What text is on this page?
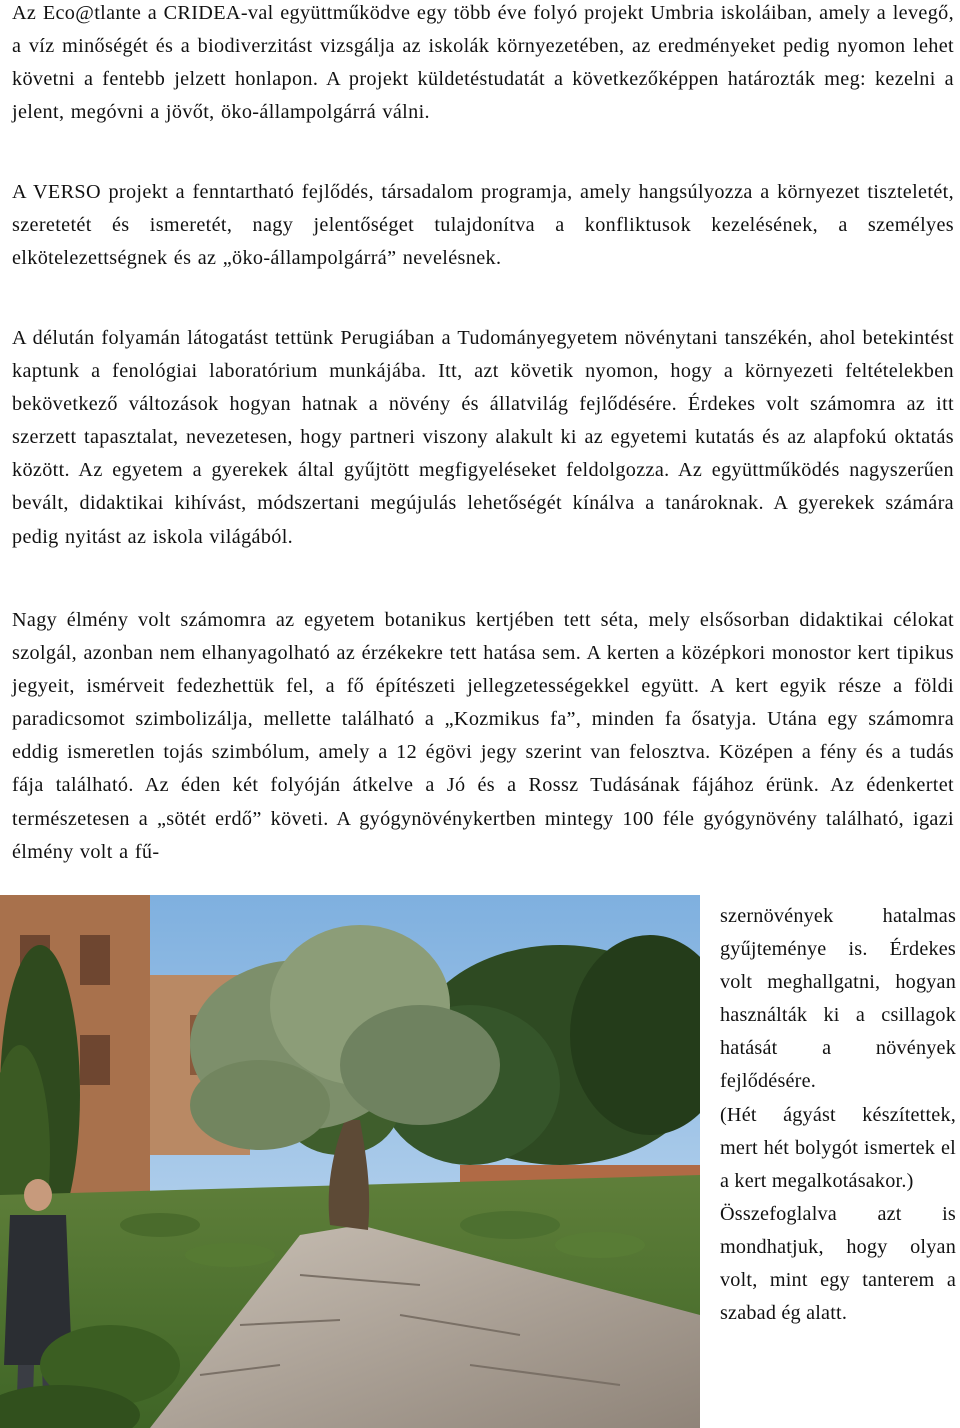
Az Eco@tlante a CRIDEA-val együttműködve egy több éve folyó projekt Umbria iskoláiban, amely a levegő, a víz minőségét és a biodiverzitást vizsgálja az iskolák környezetében, az eredményeket pedig nyomon lehet követni a fentebb jelzett honlapon. A projekt küldetéstudatát a következőképpen határozták meg: kezelni a jelent, megóvni a jövőt, öko-állampolgárrá válni.

A VERSO projekt a fenntartható fejlődés, társadalom programja, amely hangsúlyozza a környezet tiszteletét, szeretetét és ismeretét, nagy jelentőséget tulajdonítva a konfliktusok kezelésének, a személyes elkötelezettségnek és az „öko-állampolgárrá” nevelésnek.

A délután folyamán látogatást tettünk Perugiában a Tudományegyetem növénytani tanszékén, ahol betekintést kaptunk a fenológiai laboratórium munkájába. Itt, azt követik nyomon, hogy a környezeti feltételekben bekövetkező változások hogyan hatnak a növény és állatvilág fejlődésére. Érdekes volt számomra az itt szerzett tapasztalat, nevezetesen, hogy partneri viszony alakult ki az egyetemi kutatás és az alapfokú oktatás között. Az egyetem a gyerekek által gyűjtött megfigyeléseket feldolgozza. Az együttműködés nagyszerűen bevált, didaktikai kihívást, módszertani megújulás lehetőségét kínálva a tanároknak. A gyerekek számára pedig nyitást az iskola világából.

Nagy élmény volt számomra az egyetem botanikus kertjében tett séta, mely elsősorban didaktikai célokat szolgál, azonban nem elhanyagolható az érzékekre tett hatása sem. A kerten a középkori monostor kert tipikus jegyeit, ismérveit fedezhettük fel, a fő építészeti jellegzetességekkel együtt. A kert egyik része a földi paradicsomot szimbolizálja, mellette található a „Kozmikus fa”, minden fa ősatyja. Utána egy számomra eddig ismeretlen tojás szimbólum, amely a 12 égövi jegy szerint van felosztva. Középen a fény és a tudás fája található. Az éden két folyóján átkelve a Jó és a Rossz Tudásának fájához érünk. Az édenkertet természetesen a „sötét erdő” követi. A gyógynövénykertben mintegy 100 féle gyógynövény található, igazi élmény volt a fű-

szernövények hatalmas gyűjteménye is. Érdekes volt meghallgatni, hogyan használták ki a csillagok hatását a növények fejlődésére.
(Hét ágyást készítettek, mert hét bolygót ismertek el a kert megalkotásakor.)
Összefoglalva azt is mondhatjuk, hogy olyan volt, mint egy tanterem a szabad ég alatt.
